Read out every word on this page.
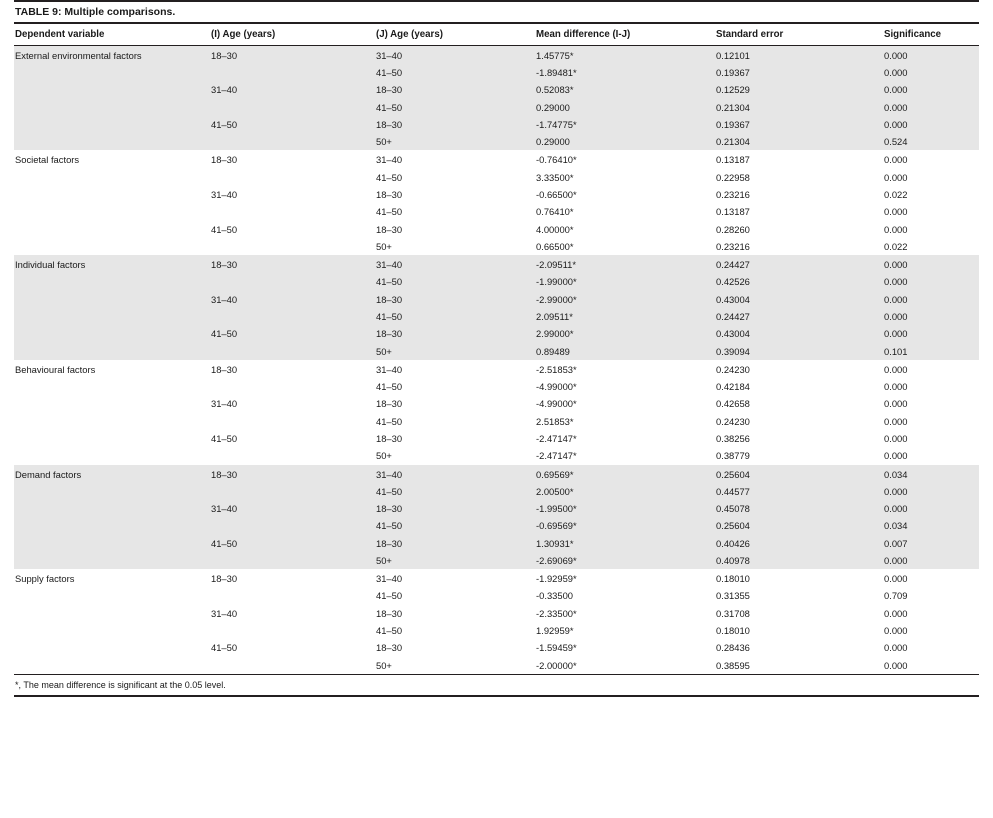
TABLE 9: Multiple comparisons.
Dependent variable	(I) Age (years)	(J) Age (years)	Mean difference (I-J)	Standard error	Significance
External environmental factors	18–30	31–40	1.45775*	0.12101	0.000
		41–50	-1.89481*	0.19367	0.000
	31–40	18–30	0.52083*	0.12529	0.000
		41–50	0.29000	0.21304	0.000
	41–50	18–30	-1.74775*	0.19367	0.000
		50+	0.29000	0.21304	0.524
Societal factors	18–30	31–40	-0.76410*	0.13187	0.000
		41–50	3.33500*	0.22958	0.000
	31–40	18–30	-0.66500*	0.23216	0.022
		41–50	0.76410*	0.13187	0.000
	41–50	18–30	4.00000*	0.28260	0.000
		50+	0.66500*	0.23216	0.022
Individual factors	18–30	31–40	-2.09511*	0.24427	0.000
		41–50	-1.99000*	0.42526	0.000
	31–40	18–30	-2.99000*	0.43004	0.000
		41–50	2.09511*	0.24427	0.000
	41–50	18–30	2.99000*	0.43004	0.000
		50+	0.89489	0.39094	0.101
Behavioural factors	18–30	31–40	-2.51853*	0.24230	0.000
		41–50	-4.99000*	0.42184	0.000
	31–40	18–30	-4.99000*	0.42658	0.000
		41–50	2.51853*	0.24230	0.000
	41–50	18–30	-2.47147*	0.38256	0.000
		50+	-2.47147*	0.38779	0.000
Demand factors	18–30	31–40	0.69569*	0.25604	0.034
		41–50	2.00500*	0.44577	0.000
	31–40	18–30	-1.99500*	0.45078	0.000
		41–50	-0.69569*	0.25604	0.034
	41–50	18–30	1.30931*	0.40426	0.007
		50+	-2.69069*	0.40978	0.000
Supply factors	18–30	31–40	-1.92959*	0.18010	0.000
		41–50	-0.33500	0.31355	0.709
	31–40	18–30	-2.33500*	0.31708	0.000
		41–50	1.92959*	0.18010	0.000
	41–50	18–30	-1.59459*	0.28436	0.000
		50+	-2.00000*	0.38595	0.000
*, The mean difference is significant at the 0.05 level.
